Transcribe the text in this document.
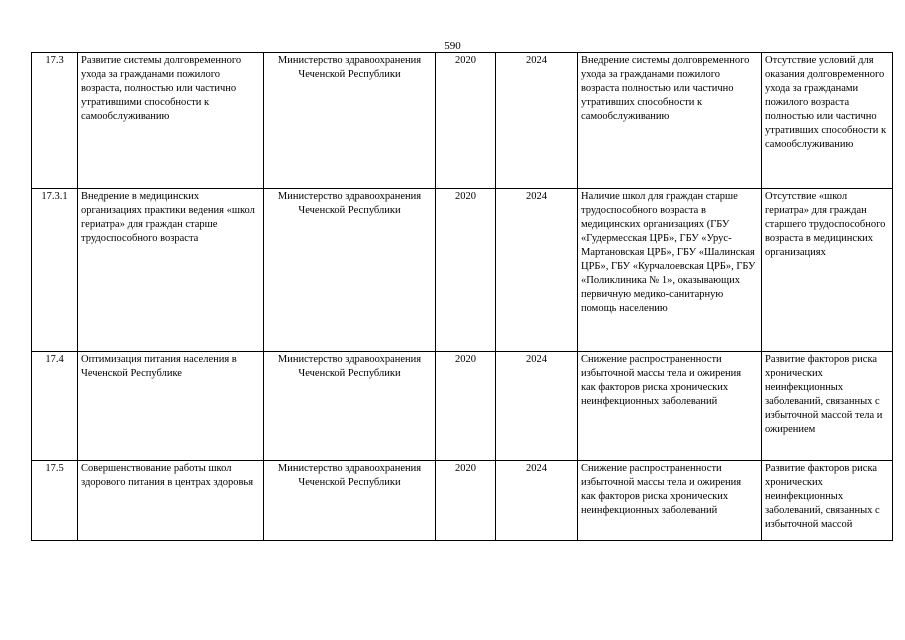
590
17.3	Развитие системы долговременного ухода за гражданами пожилого возраста, полностью или частично утратившими способности к самообслуживанию	Министерство здравоохранения Чеченской Республики	2020	2024	Внедрение системы долговременного ухода за гражданами пожилого возраста полностью или частично утративших способности к самообслуживанию	Отсутствие условий для оказания долговременного ухода за гражданами пожилого возраста полностью или частично утративших способности к самообслуживанию
17.3.1	Внедрение в медицинских организациях практики ведения «школ гериатра» для граждан старше трудоспособного возраста	Министерство здравоохранения Чеченской Республики	2020	2024	Наличие школ для граждан старше трудоспособного возраста в медицинских организациях (ГБУ «Гудермесская ЦРБ», ГБУ «Урус-Мартановская ЦРБ», ГБУ «Шалинская ЦРБ», ГБУ «Курчалоевская ЦРБ», ГБУ «Поликлиника № 1», оказывающих первичную медико-санитарную помощь населению	Отсутствие «школ гериатра» для граждан старшего трудоспособного возраста в медицинских организациях
17.4	Оптимизация питания населения в Чеченской Республике	Министерство здравоохранения Чеченской Республики	2020	2024	Снижение распространенности избыточной массы тела и ожирения как факторов риска хронических неинфекционных заболеваний	Развитие факторов риска хронических неинфекционных заболеваний, связанных с избыточной массой тела и ожирением
17.5	Совершенствование работы школ здорового питания в центрах здоровья	Министерство здравоохранения Чеченской Республики	2020	2024	Снижение распространенности избыточной массы тела и ожирения как факторов риска хронических неинфекционных заболеваний	Развитие факторов риска хронических неинфекционных заболеваний, связанных с избыточной массой
